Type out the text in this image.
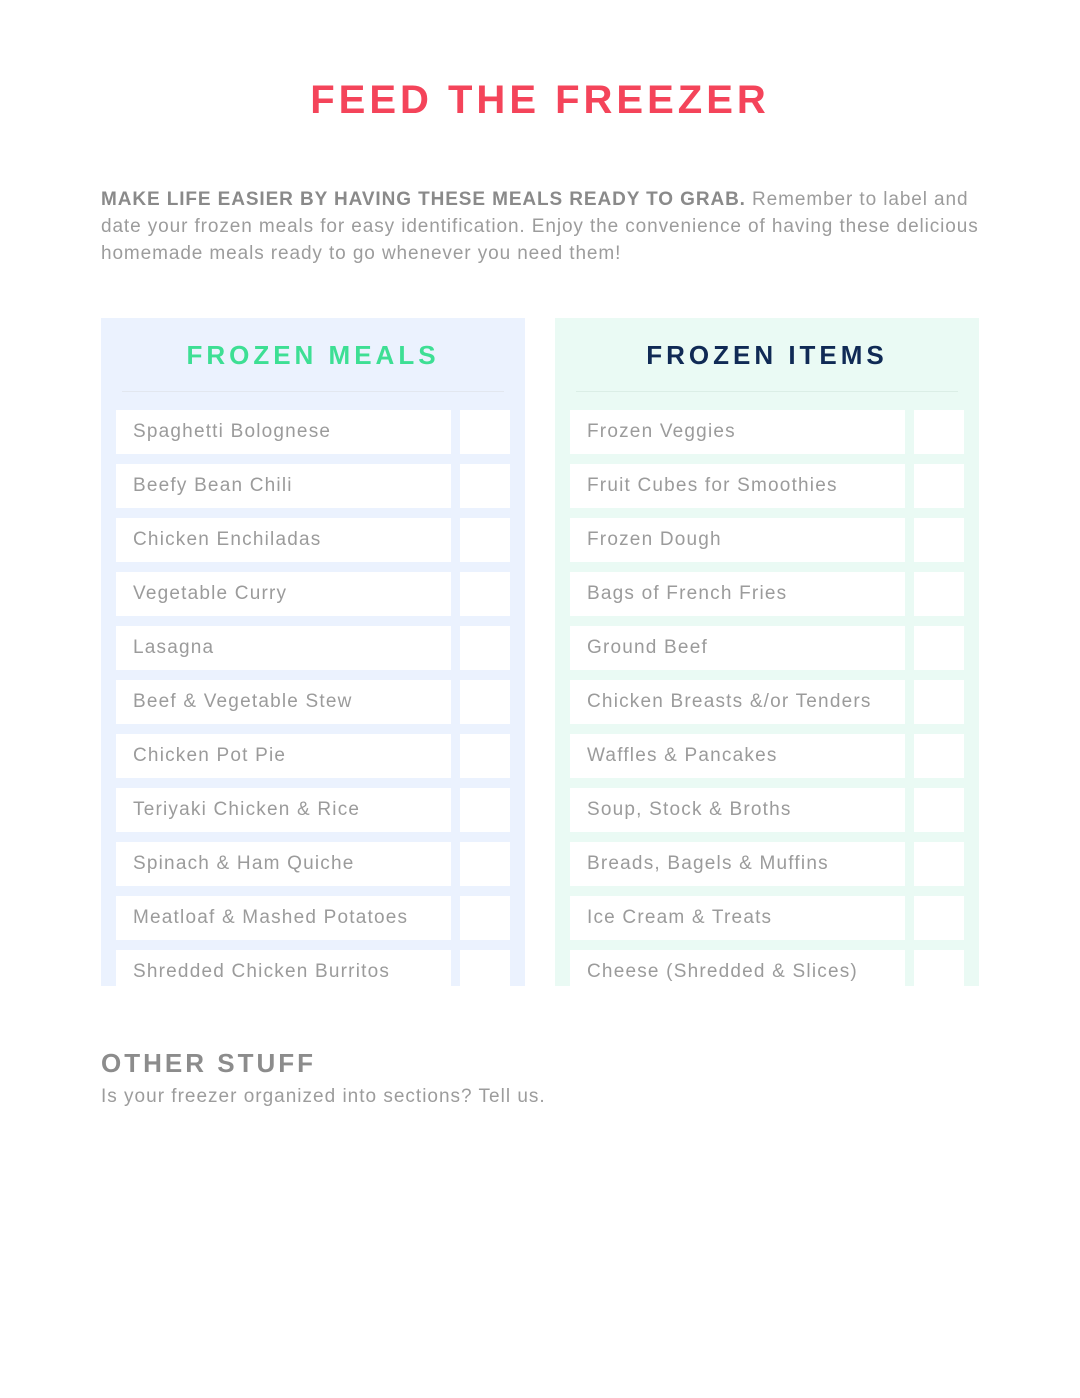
FEED THE FREEZER

MAKE LIFE EASIER BY HAVING THESE MEALS READY TO GRAB. Remember to label and date your frozen meals for easy identification. Enjoy the convenience of having these delicious homemade meals ready to go whenever you need them!

FROZEN MEALS
Spaghetti Bolognese
Beefy Bean Chili
Chicken Enchiladas
Vegetable Curry
Lasagna
Beef & Vegetable Stew
Chicken Pot Pie
Teriyaki Chicken & Rice
Spinach & Ham Quiche
Meatloaf & Mashed Potatoes
Shredded Chicken Burritos
FROZEN ITEMS
Frozen Veggies
Fruit Cubes for Smoothies
Frozen Dough
Bags of French Fries
Ground Beef
Chicken Breasts &/or Tenders
Waffles & Pancakes
Soup, Stock & Broths
Breads, Bagels & Muffins
Ice Cream & Treats
Cheese (Shredded & Slices)
OTHER STUFF

Is your freezer organized into sections? Tell us.
